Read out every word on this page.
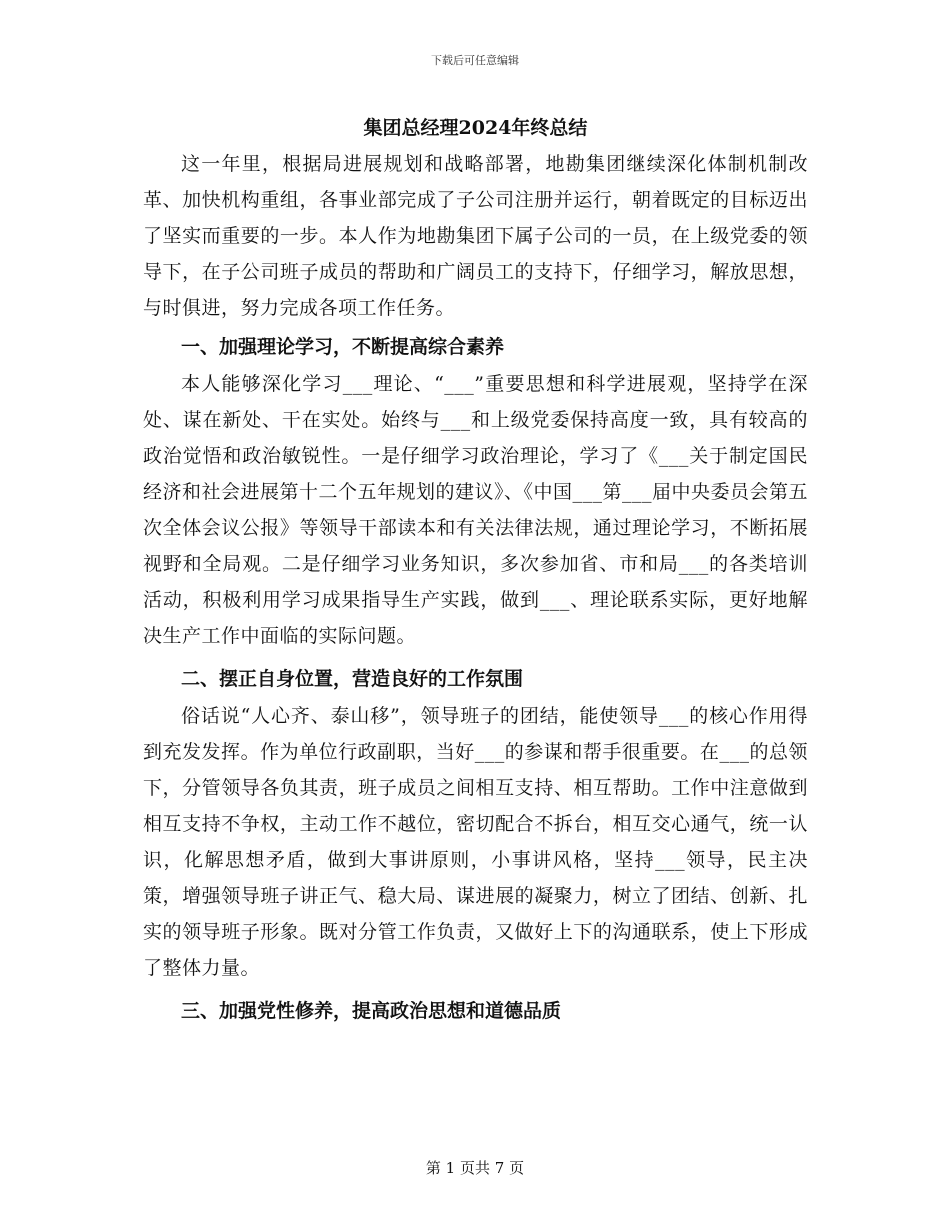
下载后可任意编辑
集团总经理2024年终总结

这一年里，根据局进展规划和战略部署，地勘集团继续深化体制机制改革、加快机构重组，各事业部完成了子公司注册并运行，朝着既定的目标迈出了坚实而重要的一步。本人作为地勘集团下属子公司的一员，在上级党委的领导下，在子公司班子成员的帮助和广阔员工的支持下，仔细学习，解放思想，与时俱进，努力完成各项工作任务。

一、加强理论学习，不断提高综合素养

本人能够深化学习___理论、“___”重要思想和科学进展观，坚持学在深处、谋在新处、干在实处。始终与___和上级党委保持高度一致，具有较高的政治觉悟和政治敏锐性。一是仔细学习政治理论，学习了《___关于制定国民经济和社会进展第十二个五年规划的建议》、《中国___第___届中央委员会第五次全体会议公报》等领导干部读本和有关法律法规，通过理论学习，不断拓展视野和全局观。二是仔细学习业务知识，多次参加省、市和局___的各类培训活动，积极利用学习成果指导生产实践，做到___、理论联系实际，更好地解决生产工作中面临的实际问题。

二、摆正自身位置，营造良好的工作氛围

俗话说“人心齐、泰山移”，领导班子的团结，能使领导___的核心作用得到充发发挥。作为单位行政副职，当好___的参谋和帮手很重要。在___的总领下，分管领导各负其责，班子成员之间相互支持、相互帮助。工作中注意做到相互支持不争权，主动工作不越位，密切配合不拆台，相互交心通气，统一认识，化解思想矛盾，做到大事讲原则，小事讲风格，坚持___领导，民主决策，增强领导班子讲正气、稳大局、谋进展的凝聚力，树立了团结、创新、扎实的领导班子形象。既对分管工作负责，又做好上下的沟通联系，使上下形成了整体力量。

三、加强党性修养，提高政治思想和道德品质
第 1 页共 7 页
